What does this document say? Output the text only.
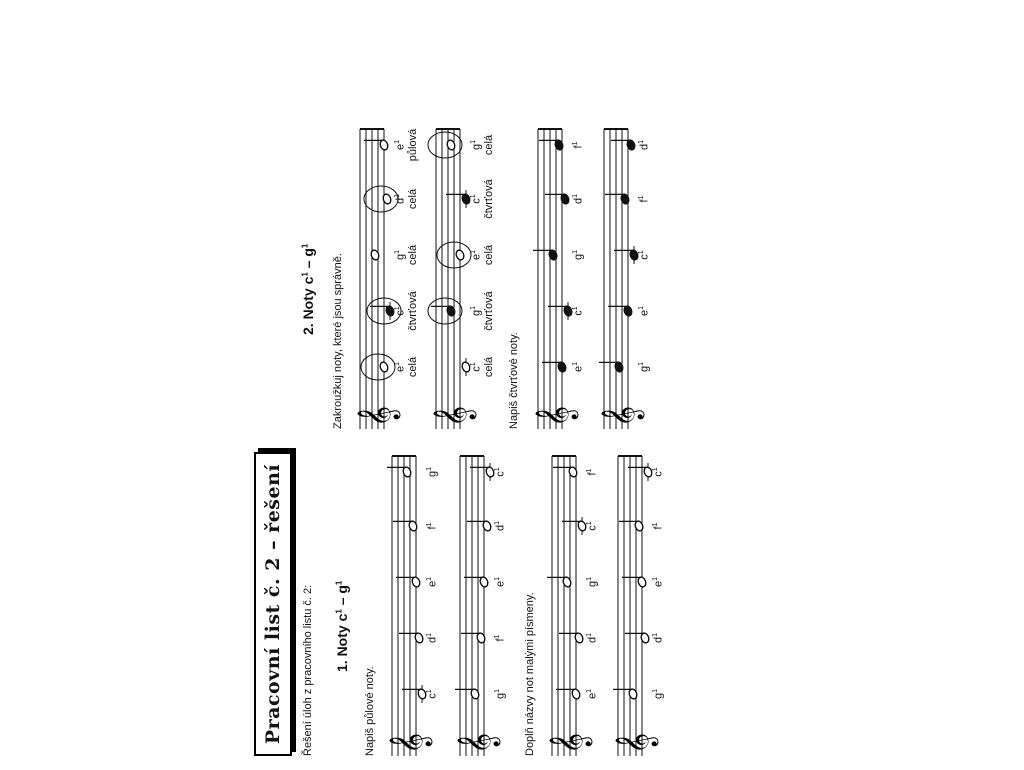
Pracovní list č. 2 – řešení Řešení úloh z pracovního listu č. 2: 1. Noty $c^1 - g^1$
Napiš půlové noty. 𝄞
$c^1$
$d^1$
$e^1$
$f^1$
$g^1$
𝄞
$g^1$
$f^1$
$e^1$
$d^1$
$c^1$
Doplň názvy not malými písmeny. 𝄞
$e^1$
$d^1$
$g^1$
$c^1$
$f^1$
𝄞
$g^1$
$d^1$
$e^1$
$f^1$
$c^1$
2. Noty $c^1 - g^1$
Zakroužkuj noty, které jsou správně. 𝄞
$e^1$ celá
$c^1$ čtvrťová
$g^1$ celá
$d^1$ celá
$e^1$ půlová
𝄞
$c^1$ celá
$g^1$ čtvrťová
$e^1$ celá
$c^1$ čtvrťová
$g^1$ celá
Napiš čtvrťové noty. 𝄞
$e^1$
$c^1$
$g^1$
$d^1$
$f^1$
𝄞
$g^1$
$e^1$
$c^1$
$f^1$
$d^1$
